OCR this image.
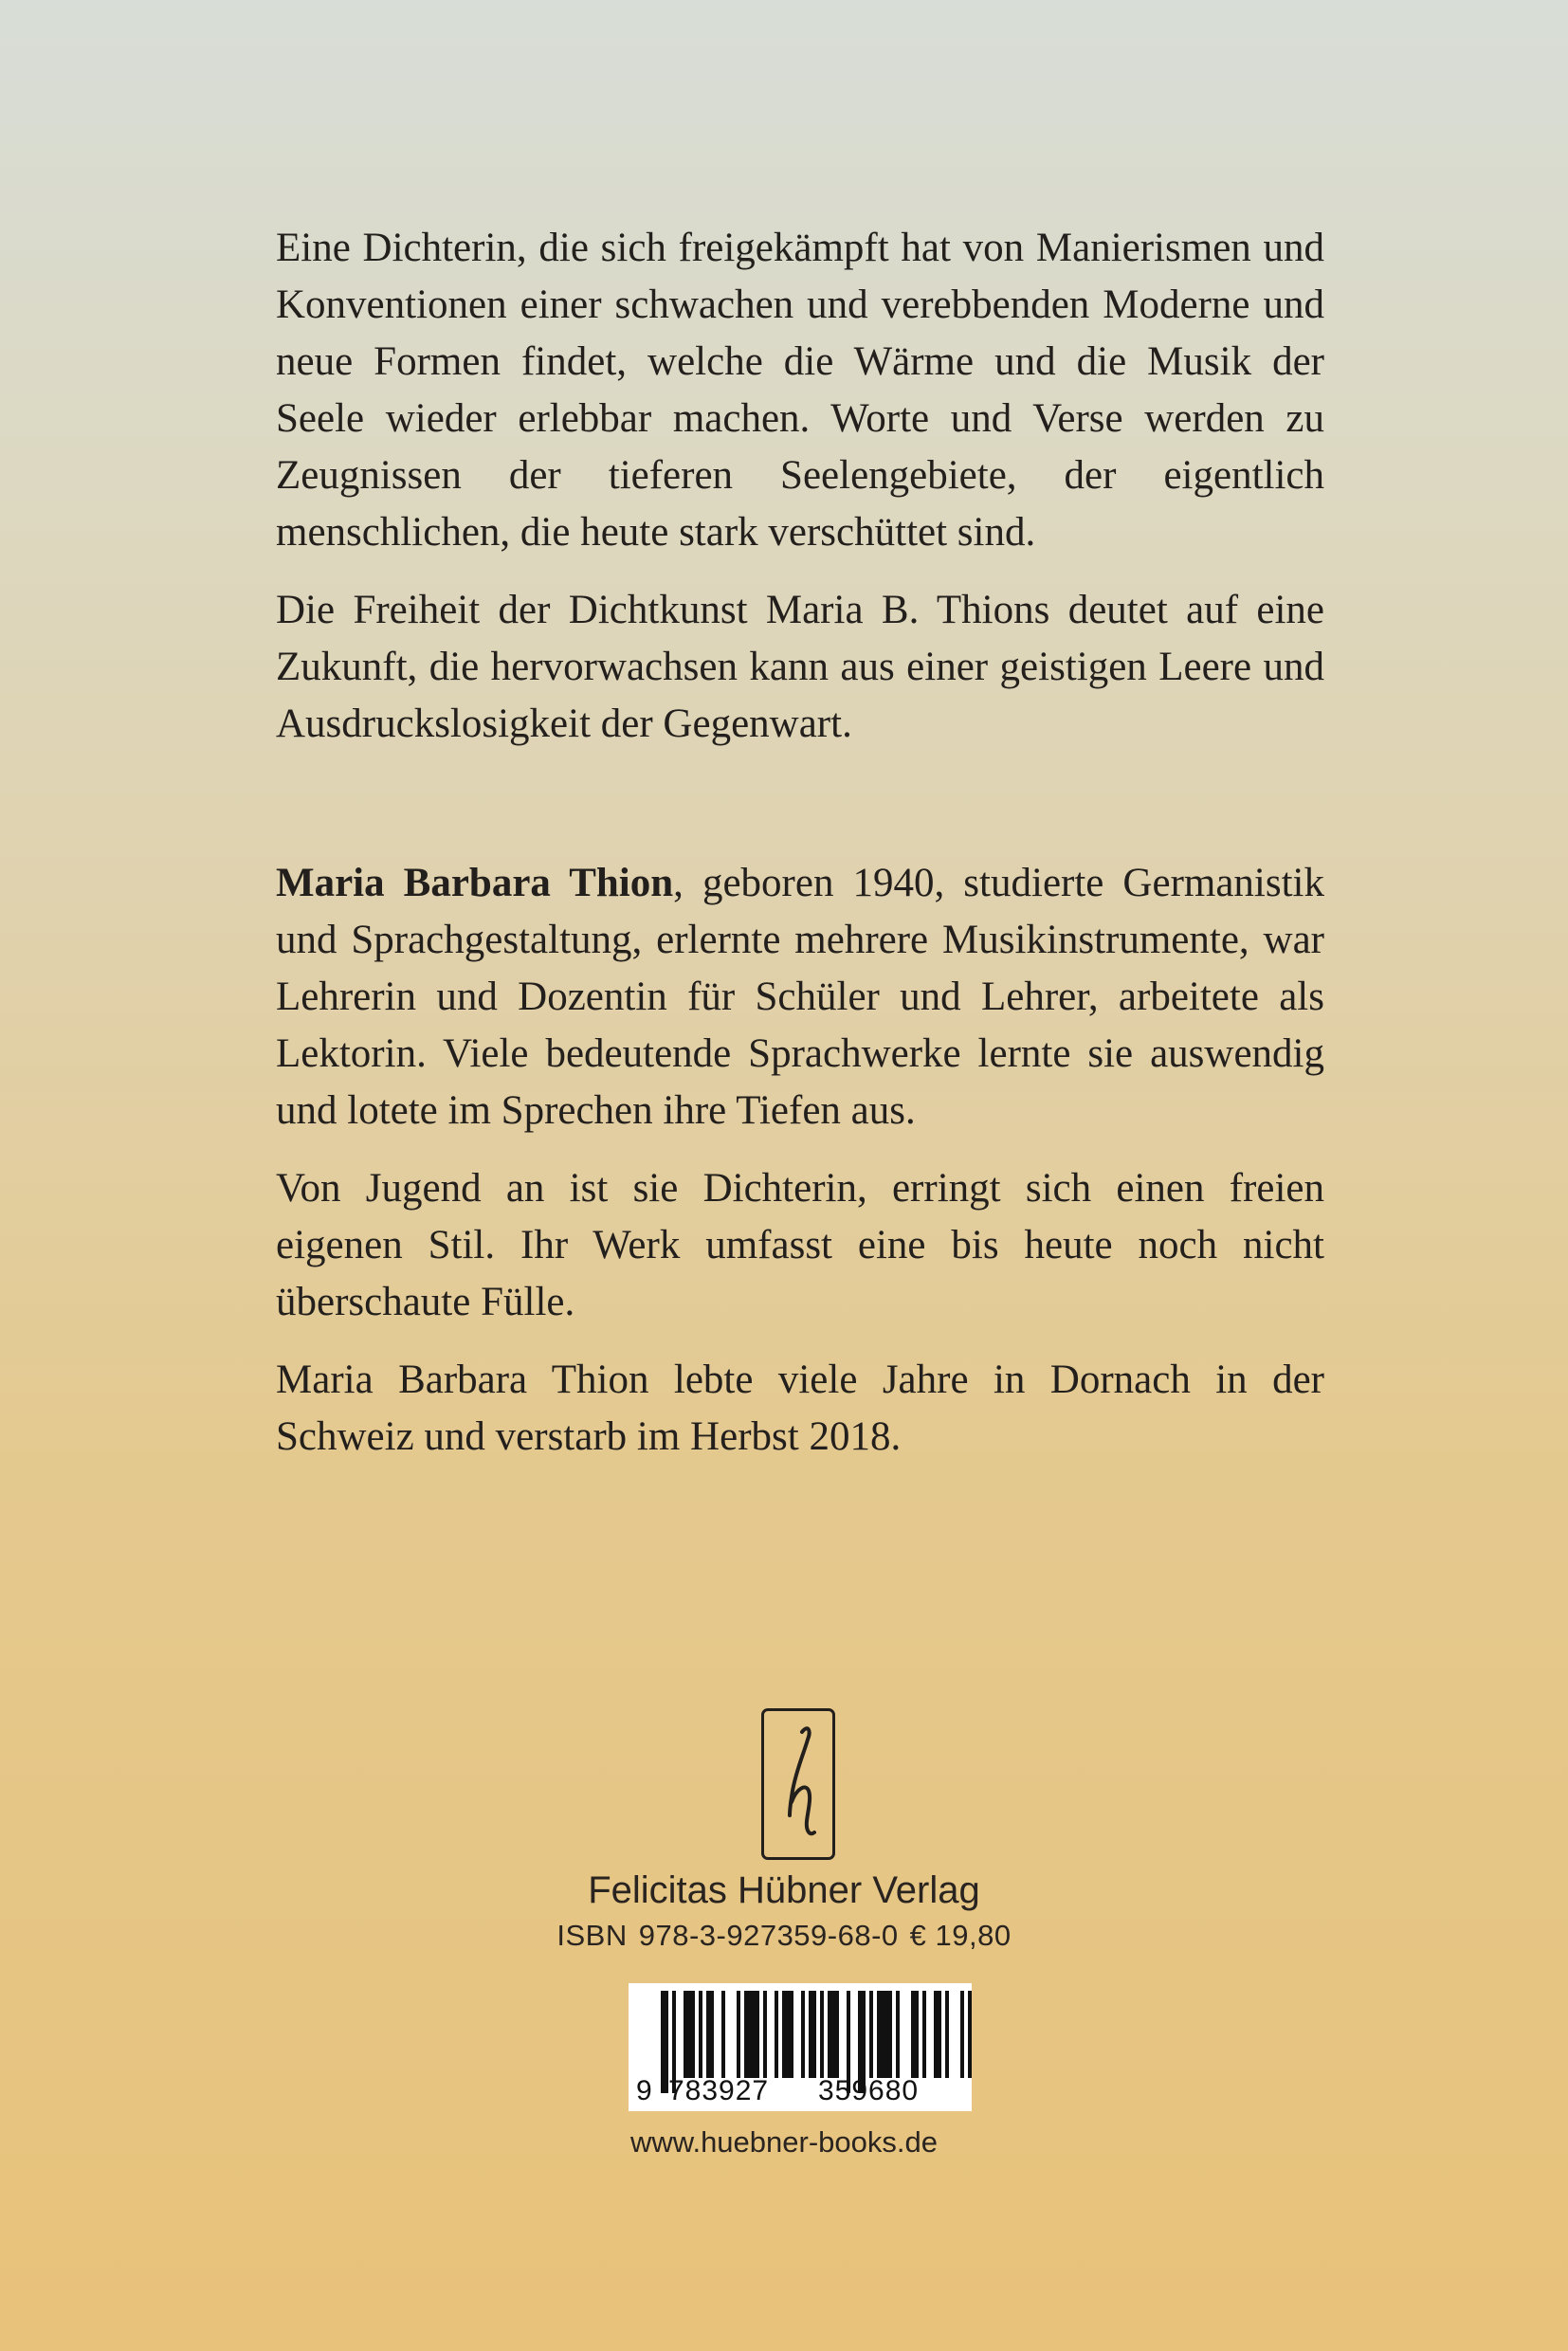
Eine Dichterin, die sich freigekämpft hat von Manierismen und Konventionen einer schwachen und verebbenden Moderne und neue Formen findet, welche die Wärme und die Musik der Seele wieder erlebbar machen. Worte und Verse werden zu Zeugnissen der tieferen Seelengebiete, der eigentlich menschlichen, die heute stark verschüttet sind.

Die Freiheit der Dichtkunst Maria B. Thions deutet auf eine Zukunft, die hervorwachsen kann aus einer geistigen Leere und Ausdruckslosigkeit der Gegenwart.

Maria Barbara Thion, geboren 1940, studierte Germanistik und Sprachgestaltung, erlernte mehrere Musikinstrumente, war Lehrerin und Dozentin für Schüler und Lehrer, arbeitete als Lektorin. Viele bedeutende Sprachwerke lernte sie auswendig und lotete im Sprechen ihre Tiefen aus.

Von Jugend an ist sie Dichterin, erringt sich einen freien eigenen Stil. Ihr Werk umfasst eine bis heute noch nicht überschaute Fülle.

Maria Barbara Thion lebte viele Jahre in Dornach in der Schweiz und verstarb im Herbst 2018.

Felicitas Hübner Verlag
ISBN 978-3-927359-68-0 € 19,80
9 783927 359680
www.huebner-books.de
